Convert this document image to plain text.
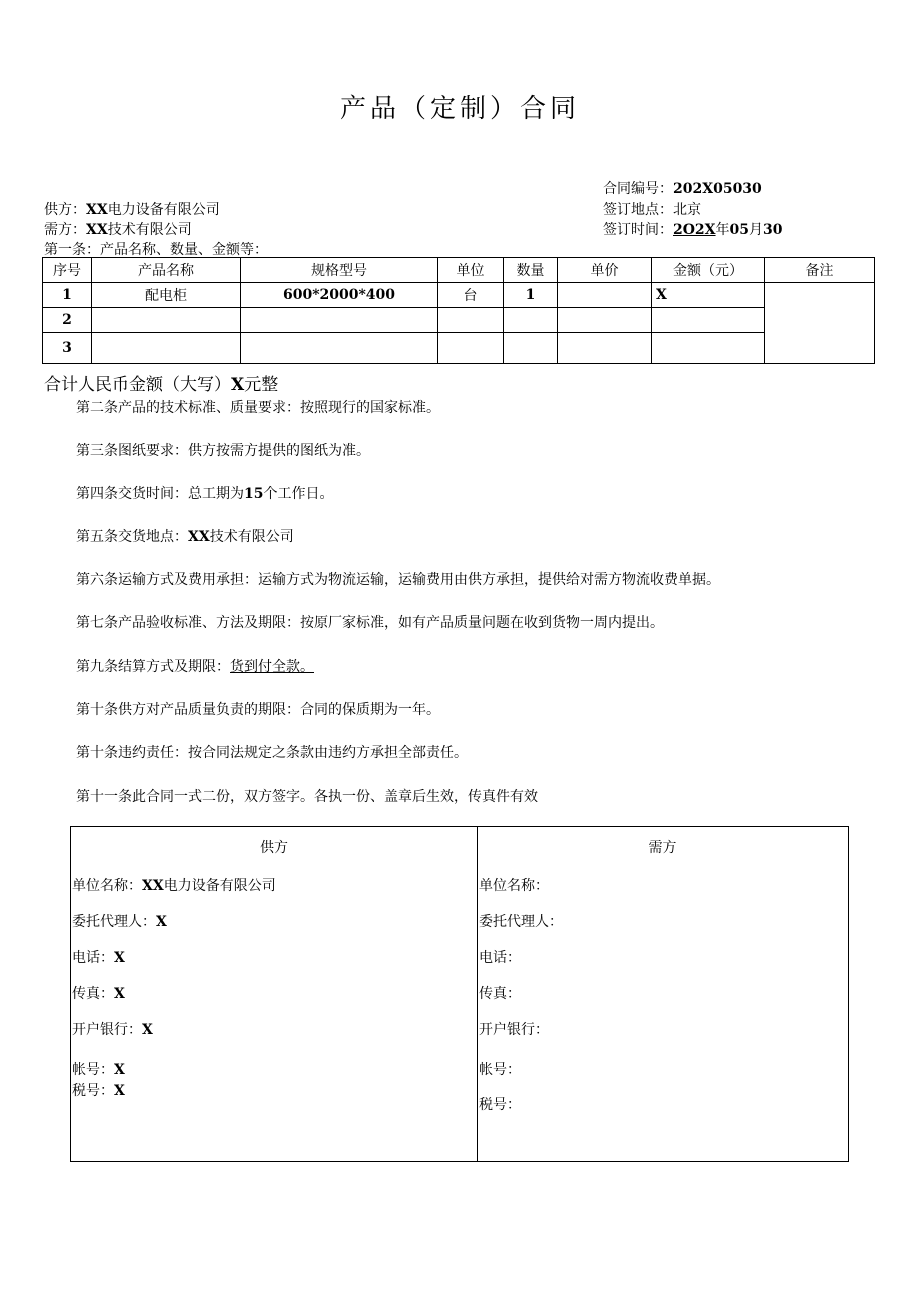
产品（定制）合同
合同编号：202X05030
供方：XX电力设备有限公司	签订地点：北京
需方：XX技术有限公司	签订时间：2O2X年05月30
第一条：产品名称、数量、金额等：
序号	产品名称	规格型号	单位	数量	单价	金额（元）	备注
1	配电柜	600*2000*400	台	1		X	
2							
3							
合计人民币金额（大写）X元整
第二条产品的技术标准、质量要求：按照现行的国家标准。
第三条图纸要求：供方按需方提供的图纸为准。
第四条交货时间：总工期为15个工作日。
第五条交货地点：XX技术有限公司
第六条运输方式及费用承担：运输方式为物流运输，运输费用由供方承担，提供给对需方物流收费单据。
第七条产品验收标准、方法及期限：按原厂家标准，如有产品质量问题在收到货物一周内提出。
第九条结算方式及期限：货到付全款。
第十条供方对产品质量负责的期限：合同的保质期为一年。
第十条违约责任：按合同法规定之条款由违约方承担全部责任。
第十一条此合同一式二份，双方签字。各执一份、盖章后生效，传真件有效
供方	需方
单位名称：XX电力设备有限公司
委托代理人：X
电话：X
传真：X
开户银行：X
帐号：X
税号：X
单位名称：
委托代理人：
电话：
传真：
开户银行：
帐号：
税号：
